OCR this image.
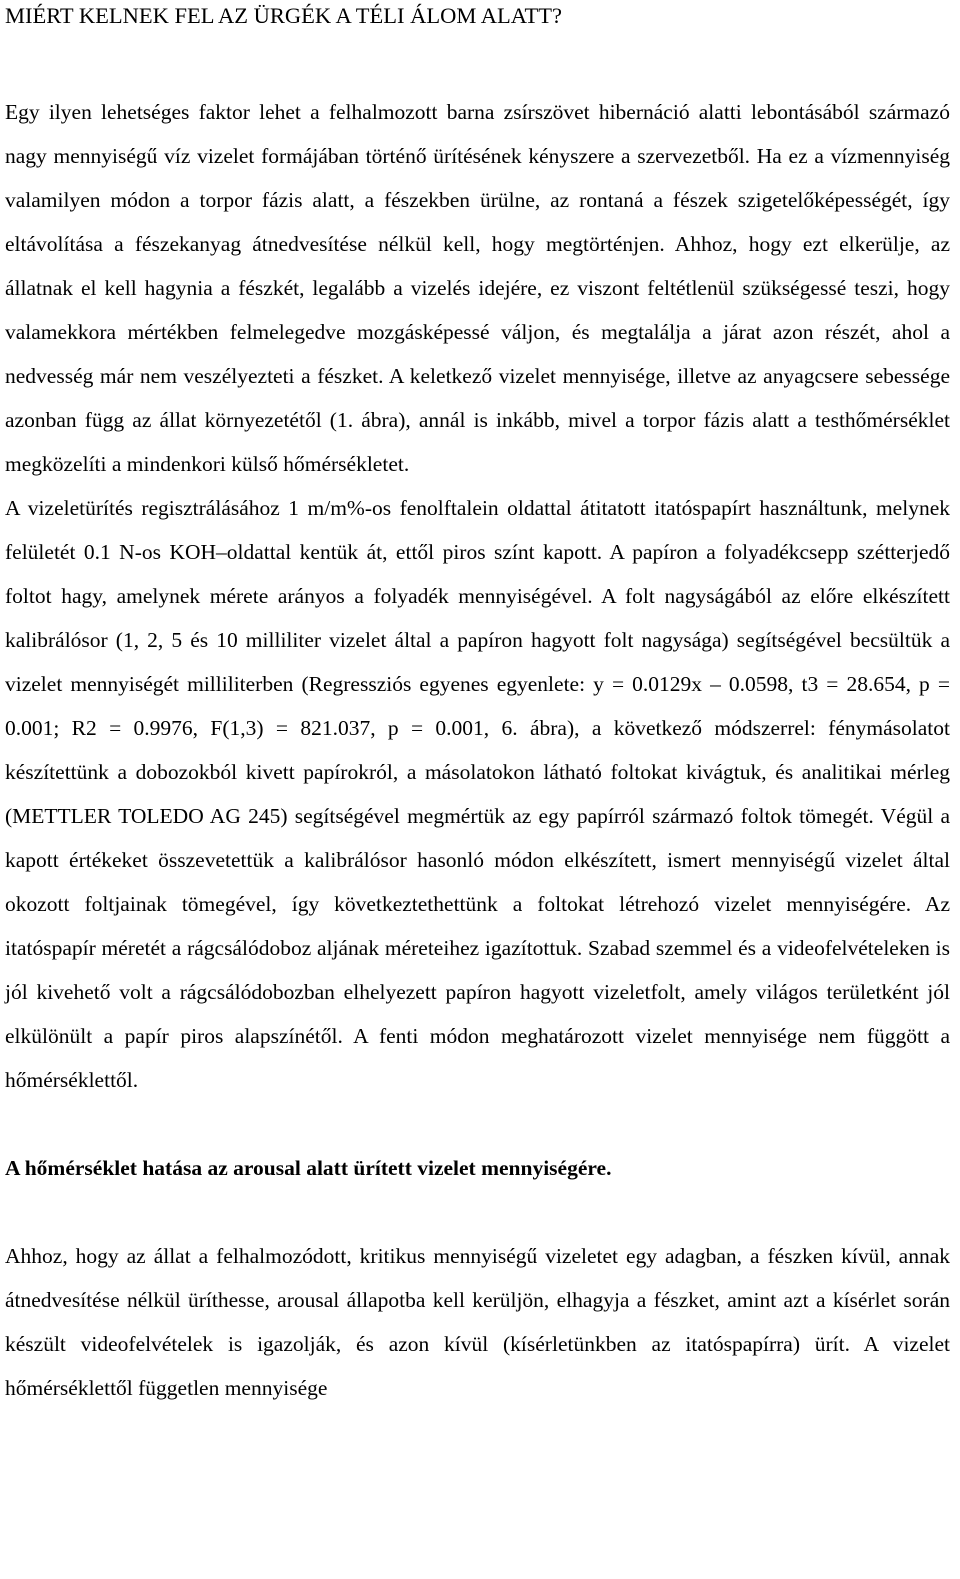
MIÉRT KELNEK FEL AZ ÜRGÉK A TÉLI ÁLOM ALATT?

Egy ilyen lehetséges faktor lehet a felhalmozott barna zsírszövet hibernáció alatti lebontásából származó nagy mennyiségű víz vizelet formájában történő ürítésének kényszere a szervezetből. Ha ez a vízmennyiség valamilyen módon a torpor fázis alatt, a fészekben ürülne, az rontaná a fészek szigetelőképességét, így eltávolítása a fészekanyag átnedvesítése nélkül kell, hogy megtörténjen. Ahhoz, hogy ezt elkerülje, az állatnak el kell hagynia a fészkét, legalább a vizelés idejére, ez viszont feltétlenül szükségessé teszi, hogy valamekkora mértékben felmelegedve mozgásképessé váljon, és megtalálja a járat azon részét, ahol a nedvesség már nem veszélyezteti a fészket. A keletkező vizelet mennyisége, illetve az anyagcsere sebessége azonban függ az állat környezetétől (1. ábra), annál is inkább, mivel a torpor fázis alatt a testhőmérséklet megközelíti a mindenkori külső hőmérsékletet.

A vizeletürítés regisztrálásához 1 m/m%-os fenolftalein oldattal átitatott itatóspapírt használtunk, melynek felületét 0.1 N-os KOH–oldattal kentük át, ettől piros színt kapott. A papíron a folyadékcsepp szétterjedő foltot hagy, amelynek mérete arányos a folyadék mennyiségével. A folt nagyságából az előre elkészített kalibrálósor (1, 2, 5 és 10 milliliter vizelet által a papíron hagyott folt nagysága) segítségével becsültük a vizelet mennyiségét milliliterben (Regressziós egyenes egyenlete: y = 0.0129x – 0.0598, t3 = 28.654, p = 0.001; R2 = 0.9976, F(1,3) = 821.037, p = 0.001, 6. ábra), a következő módszerrel: fénymásolatot készítettünk a dobozokból kivett papírokról, a másolatokon látható foltokat kivágtuk, és analitikai mérleg (METTLER TOLEDO AG 245) segítségével megmértük az egy papírról származó foltok tömegét. Végül a kapott értékeket összevetettük a kalibrálósor hasonló módon elkészített, ismert mennyiségű vizelet által okozott foltjainak tömegével, így következtethettünk a foltokat létrehozó vizelet mennyiségére. Az itatóspapír méretét a rágcsálódoboz aljának méreteihez igazítottuk. Szabad szemmel és a videofelvételeken is jól kivehető volt a rágcsálódobozban elhelyezett papíron hagyott vizeletfolt, amely világos területként jól elkülönült a papír piros alapszínétől. A fenti módon meghatározott vizelet mennyisége nem függött a hőmérséklettől.

A hőmérséklet hatása az arousal alatt ürített vizelet mennyiségére.

Ahhoz, hogy az állat a felhalmozódott, kritikus mennyiségű vizeletet egy adagban, a fészken kívül, annak átnedvesítése nélkül üríthesse, arousal állapotba kell kerüljön, elhagyja a fészket, amint azt a kísérlet során készült videofelvételek is igazolják, és azon kívül (kísérletünkben az itatóspapírra) ürít. A vizelet hőmérséklettől független mennyisége
